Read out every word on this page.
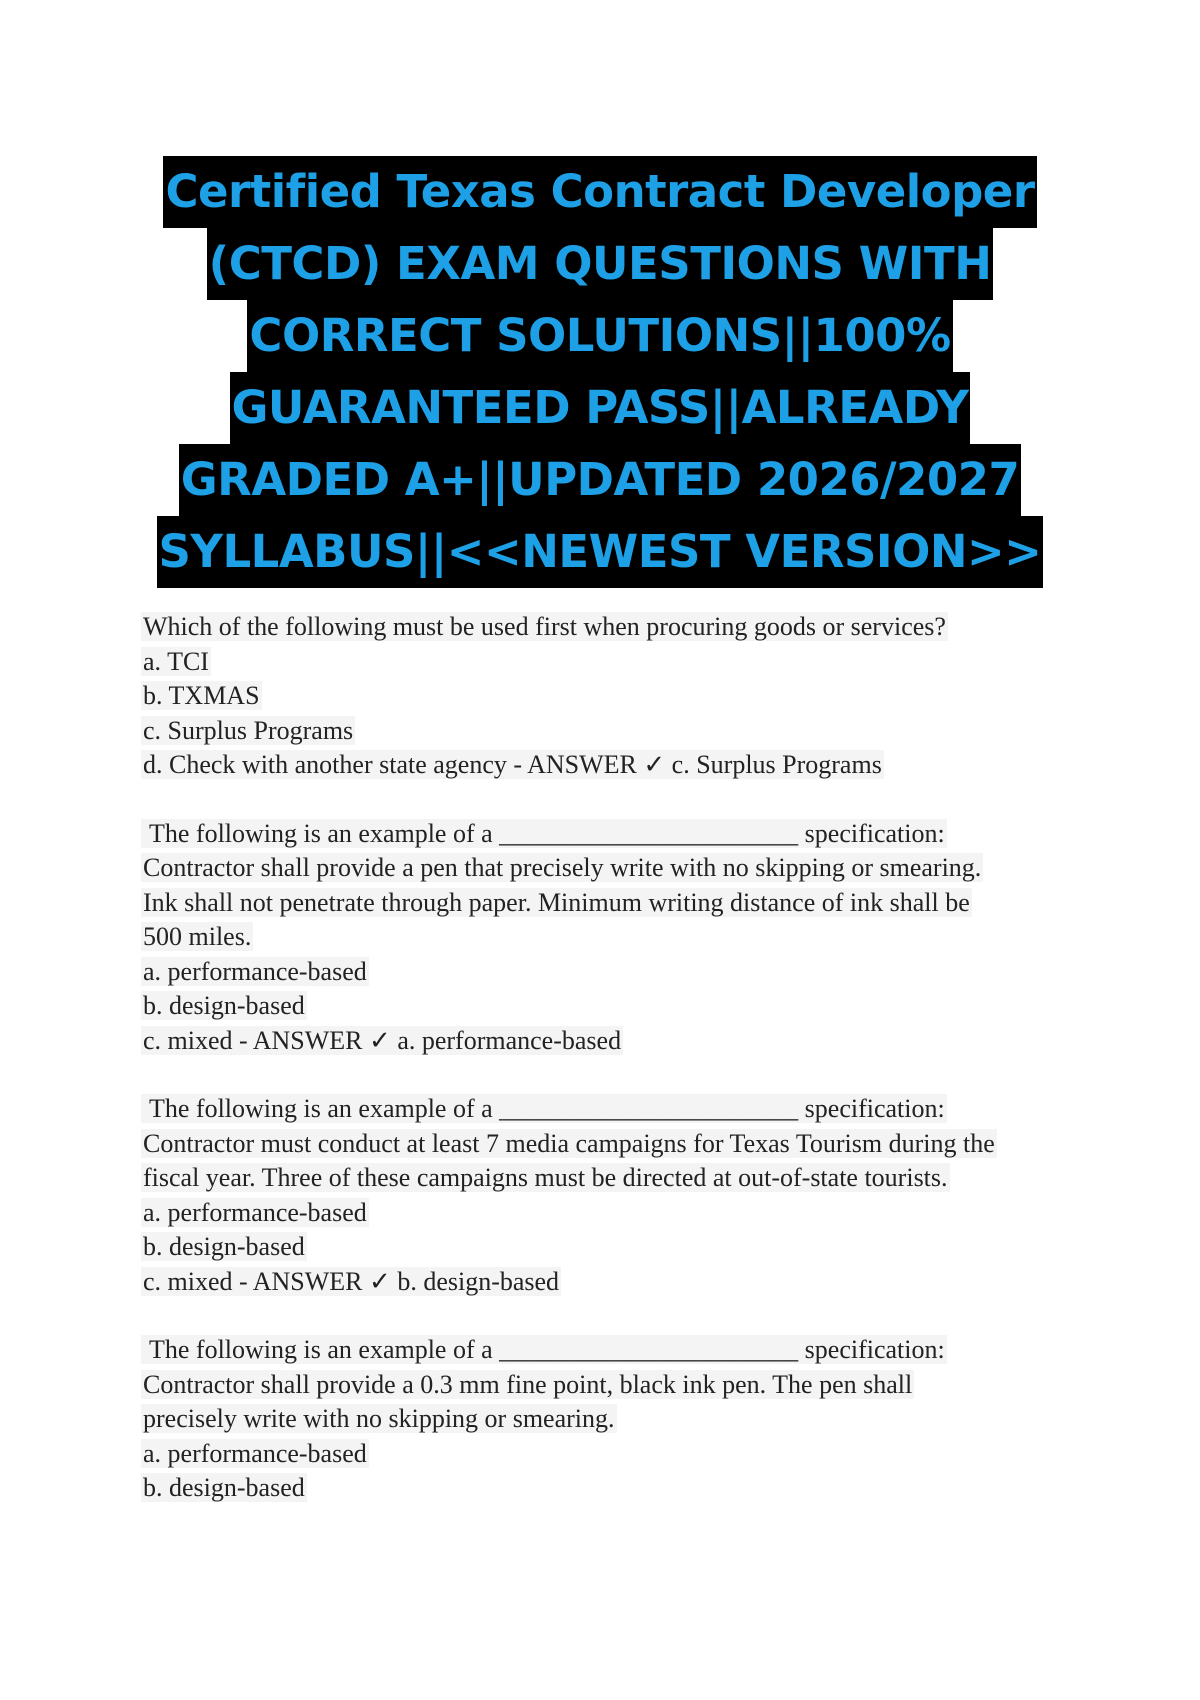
Certified Texas Contract Developer
(CTCD) EXAM QUESTIONS WITH
CORRECT SOLUTIONS||100%
GUARANTEED PASS||ALREADY
GRADED A+||UPDATED 2026/2027
SYLLABUS||<<NEWEST VERSION>>
Which of the following must be used first when procuring goods or services?
a. TCI
b. TXMAS
c. Surplus Programs
d. Check with another state agency - ANSWER ✓ c. Surplus Programs
The following is an example of a _______________________ specification:
Contractor shall provide a pen that precisely write with no skipping or smearing.
Ink shall not penetrate through paper. Minimum writing distance of ink shall be
500 miles.
a. performance-based
b. design-based
c. mixed - ANSWER ✓ a. performance-based
The following is an example of a _______________________ specification:
Contractor must conduct at least 7 media campaigns for Texas Tourism during the
fiscal year. Three of these campaigns must be directed at out-of-state tourists.
a. performance-based
b. design-based
c. mixed - ANSWER ✓ b. design-based
The following is an example of a _______________________ specification:
Contractor shall provide a 0.3 mm fine point, black ink pen. The pen shall
precisely write with no skipping or smearing.
a. performance-based
b. design-based
